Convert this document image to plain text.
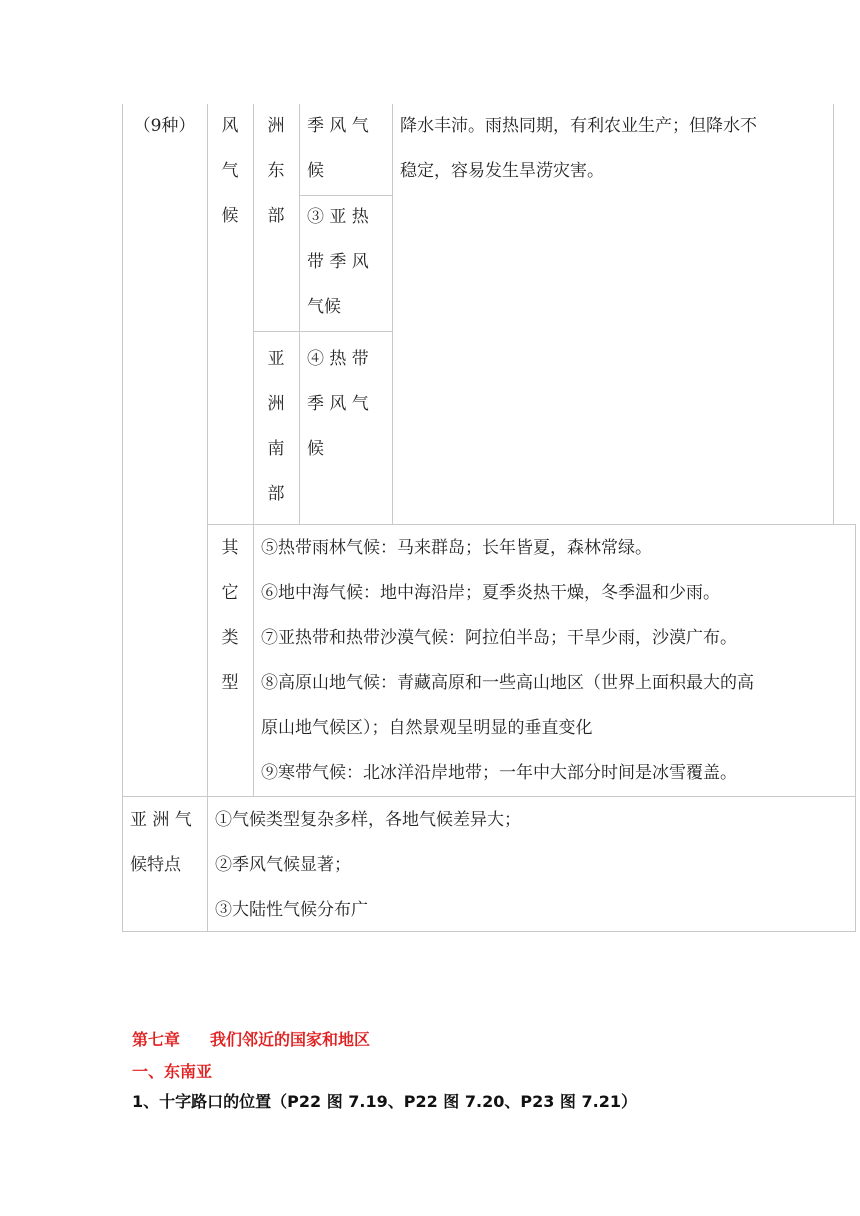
（9种）	风
气
候
洲
东
部
亚
洲
南
部
季 风 气
候
③ 亚 热
带 季 风
气候
④ 热 带
季 风 气
候
降水丰沛。雨热同期，有利农业生产；但降水不
稳定，容易发生旱涝灾害。
其
它
类
型
⑤热带雨林气候：马来群岛；长年皆夏，森林常绿。
⑥地中海气候：地中海沿岸；夏季炎热干燥，冬季温和少雨。
⑦亚热带和热带沙漠气候：阿拉伯半岛；干旱少雨，沙漠广布。
⑧高原山地气候：青藏高原和一些高山地区（世界上面积最大的高
原山地气候区）；自然景观呈明显的垂直变化
⑨寒带气候：北冰洋沿岸地带；一年中大部分时间是冰雪覆盖。
亚 洲 气
候特点
①气候类型复杂多样，各地气候差异大；
②季风气候显著；
③大陆性气候分布广
第七章 我们邻近的国家和地区
一、东南亚
1、十字路口的位置（P22 图 7.19、P22 图 7.20、P23 图 7.21）
